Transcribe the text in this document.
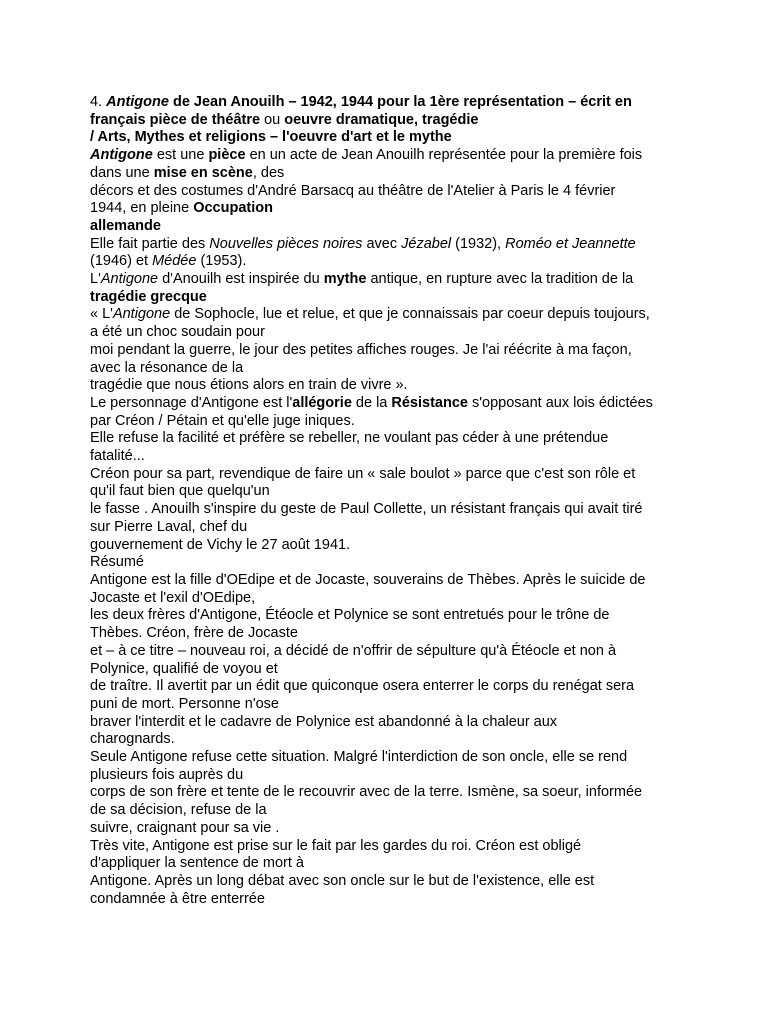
4. Antigone de Jean Anouilh – 1942, 1944 pour la 1ère représentation – écrit en
français pièce de théâtre ou oeuvre dramatique, tragédie
/ Arts, Mythes et religions – l'oeuvre d'art et le mythe
Antigone est une pièce en un acte de Jean Anouilh représentée pour la première fois
dans une mise en scène, des
décors et des costumes d'André Barsacq au théâtre de l'Atelier à Paris le 4 février
1944, en pleine Occupation
allemande
Elle fait partie des Nouvelles pièces noires avec Jézabel (1932), Roméo et Jeannette
(1946) et Médée (1953).
L'Antigone d'Anouilh est inspirée du mythe antique, en rupture avec la tradition de la
tragédie grecque
« L'Antigone de Sophocle, lue et relue, et que je connaissais par coeur depuis toujours,
a été un choc soudain pour
moi pendant la guerre, le jour des petites affiches rouges. Je l'ai réécrite à ma façon,
avec la résonance de la
tragédie que nous étions alors en train de vivre ».
Le personnage d'Antigone est l'allégorie de la Résistance s'opposant aux lois édictées
par Créon / Pétain et qu'elle juge iniques.
Elle refuse la facilité et préfère se rebeller, ne voulant pas céder à une prétendue
fatalité...
Créon pour sa part, revendique de faire un « sale boulot » parce que c'est son rôle et
qu'il faut bien que quelqu'un
le fasse . Anouilh s'inspire du geste de Paul Collette, un résistant français qui avait tiré
sur Pierre Laval, chef du
gouvernement de Vichy le 27 août 1941.
Résumé
Antigone est la fille d'OEdipe et de Jocaste, souverains de Thèbes. Après le suicide de
Jocaste et l'exil d'OEdipe,
les deux frères d'Antigone, Étéocle et Polynice se sont entretués pour le trône de
Thèbes. Créon, frère de Jocaste
et – à ce titre – nouveau roi, a décidé de n'offrir de sépulture qu'à Étéocle et non à
Polynice, qualifié de voyou et
de traître. Il avertit par un édit que quiconque osera enterrer le corps du renégat sera
puni de mort. Personne n'ose
braver l'interdit et le cadavre de Polynice est abandonné à la chaleur aux
charognards.
Seule Antigone refuse cette situation. Malgré l'interdiction de son oncle, elle se rend
plusieurs fois auprès du
corps de son frère et tente de le recouvrir avec de la terre. Ismène, sa soeur, informée
de sa décision, refuse de la
suivre, craignant pour sa vie .
Très vite, Antigone est prise sur le fait par les gardes du roi. Créon est obligé
d'appliquer la sentence de mort à
Antigone. Après un long débat avec son oncle sur le but de l'existence, elle est
condamnée à être enterrée
